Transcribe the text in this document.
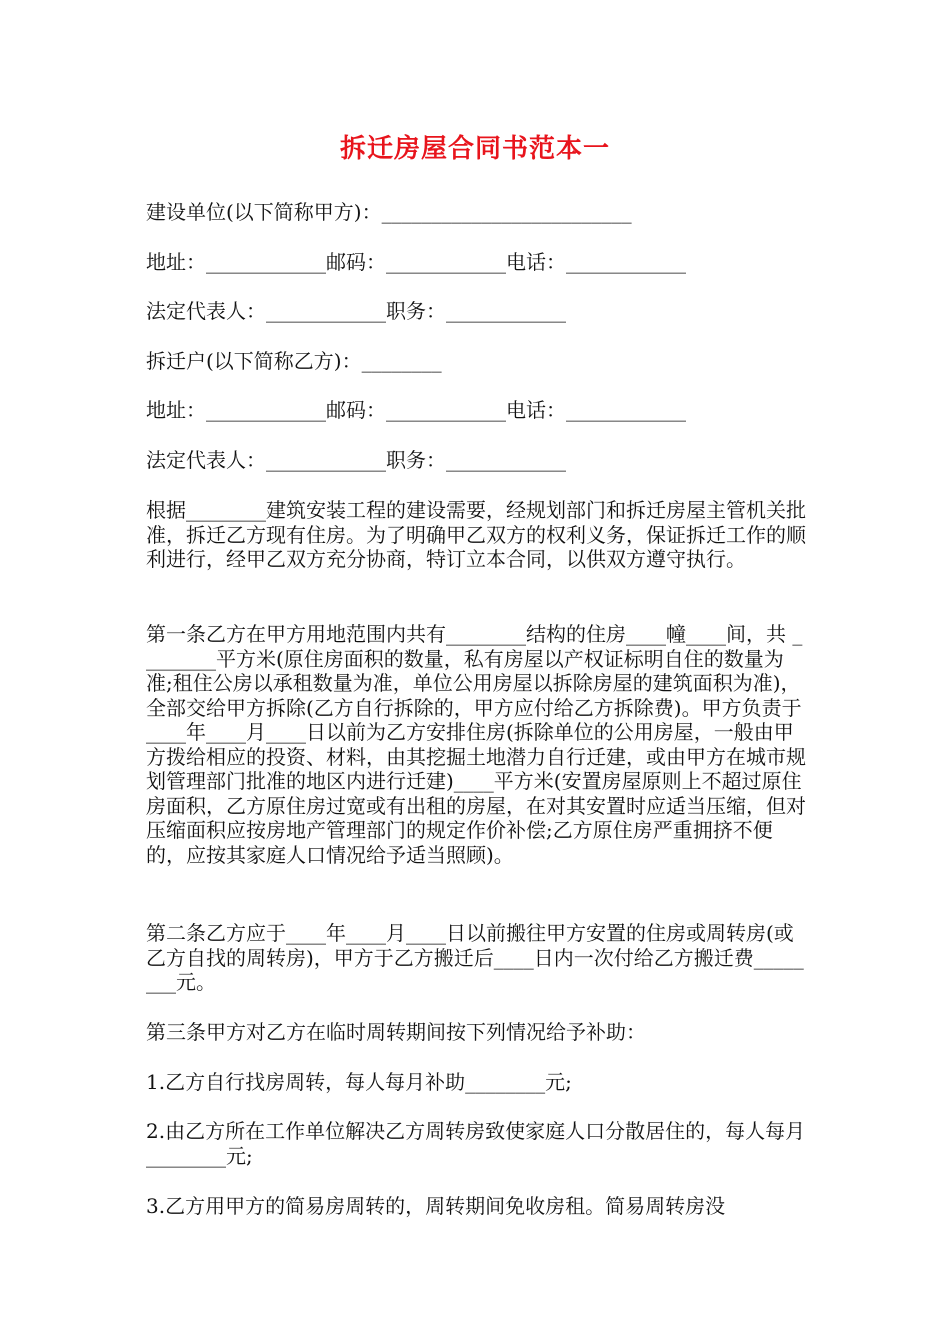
拆迁房屋合同书范本一
建设单位(以下简称甲方)：_________________________
地址：____________邮码：____________电话：____________
法定代表人：____________职务：____________
拆迁户(以下简称乙方)：________
地址：____________邮码：____________电话：____________
法定代表人：____________职务：____________
根据________建筑安装工程的建设需要，经规划部门和拆迁房屋主管机关批准，拆迁乙方现有住房。为了明确甲乙双方的权利义务，保证拆迁工作的顺利进行，经甲乙双方充分协商，特订立本合同，以供双方遵守执行。
第一条乙方在甲方用地范围内共有________结构的住房____幢____间，共 ________平方米(原住房面积的数量，私有房屋以产权证标明自住的数量为准;租住公房以承租数量为准，单位公用房屋以拆除房屋的建筑面积为准)，全部交给甲方拆除(乙方自行拆除的，甲方应付给乙方拆除费)。甲方负责于____年____月____日以前为乙方安排住房(拆除单位的公用房屋，一般由甲方拨给相应的投资、材料，由其挖掘土地潜力自行迁建，或由甲方在城市规划管理部门批准的地区内进行迁建)____平方米(安置房屋原则上不超过原住房面积，乙方原住房过宽或有出租的房屋，在对其安置时应适当压缩，但对压缩面积应按房地产管理部门的规定作价补偿;乙方原住房严重拥挤不便的，应按其家庭人口情况给予适当照顾)。
第二条乙方应于____年____月____日以前搬往甲方安置的住房或周转房(或乙方自找的周转房)，甲方于乙方搬迁后____日内一次付给乙方搬迁费________元。
第三条甲方对乙方在临时周转期间按下列情况给予补助：
1.乙方自行找房周转，每人每月补助________元;
2.由乙方所在工作单位解决乙方周转房致使家庭人口分散居住的，每人每月________元;
3.乙方用甲方的简易房周转的，周转期间免收房租。简易周转房没
